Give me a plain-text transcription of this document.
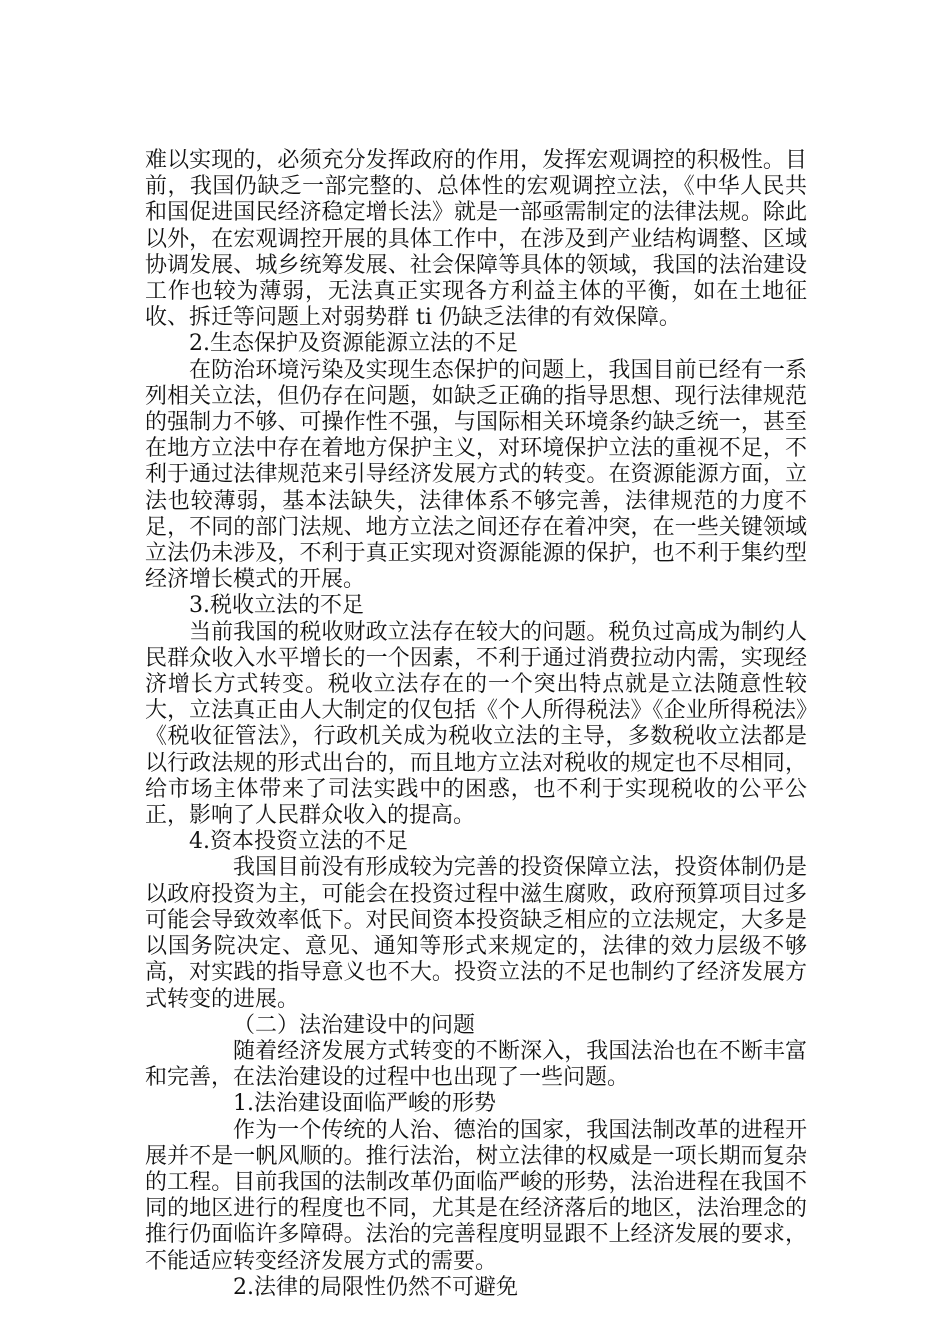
难以实现的，必须充分发挥政府的作用，发挥宏观调控的积极性。目前，我国仍缺乏一部完整的、总体性的宏观调控立法，《中华人民共和国促进国民经济稳定增长法》就是一部亟需制定的法律法规。除此以外，在宏观调控开展的具体工作中，在涉及到产业结构调整、区域协调发展、城乡统筹发展、社会保障等具体的领域，我国的法治建设工作也较为薄弱，无法真正实现各方利益主体的平衡，如在土地征收、拆迁等问题上对弱势群 ti 仍缺乏法律的有效保障。

2.生态保护及资源能源立法的不足

在防治环境污染及实现生态保护的问题上，我国目前已经有一系列相关立法，但仍存在问题，如缺乏正确的指导思想、现行法律规范的强制力不够、可操作性不强，与国际相关环境条约缺乏统一，甚至在地方立法中存在着地方保护主义，对环境保护立法的重视不足，不利于通过法律规范来引导经济发展方式的转变。在资源能源方面，立法也较薄弱，基本法缺失，法律体系不够完善，法律规范的力度不足，不同的部门法规、地方立法之间还存在着冲突，在一些关键领域立法仍未涉及，不利于真正实现对资源能源的保护，也不利于集约型经济增长模式的开展。

3.税收立法的不足

当前我国的税收财政立法存在较大的问题。税负过高成为制约人民群众收入水平增长的一个因素，不利于通过消费拉动内需，实现经济增长方式转变。税收立法存在的一个突出特点就是立法随意性较大，立法真正由人大制定的仅包括《个人所得税法》《企业所得税法》《税收征管法》，行政机关成为税收立法的主导，多数税收立法都是以行政法规的形式出台的，而且地方立法对税收的规定也不尽相同，给市场主体带来了司法实践中的困惑，也不利于实现税收的公平公正，影响了人民群众收入的提高。

4.资本投资立法的不足

我国目前没有形成较为完善的投资保障立法，投资体制仍是以政府投资为主，可能会在投资过程中滋生腐败，政府预算项目过多可能会导致效率低下。对民间资本投资缺乏相应的立法规定，大多是以国务院决定、意见、通知等形式来规定的，法律的效力层级不够高，对实践的指导意义也不大。投资立法的不足也制约了经济发展方式转变的进展。

（二）法治建设中的问题

随着经济发展方式转变的不断深入，我国法治也在不断丰富和完善，在法治建设的过程中也出现了一些问题。

1.法治建设面临严峻的形势

作为一个传统的人治、德治的国家，我国法制改革的进程开展并不是一帆风顺的。推行法治，树立法律的权威是一项长期而复杂的工程。目前我国的法制改革仍面临严峻的形势，法治进程在我国不同的地区进行的程度也不同，尤其是在经济落后的地区，法治理念的推行仍面临许多障碍。法治的完善程度明显跟不上经济发展的要求，不能适应转变经济发展方式的需要。

2.法律的局限性仍然不可避免
